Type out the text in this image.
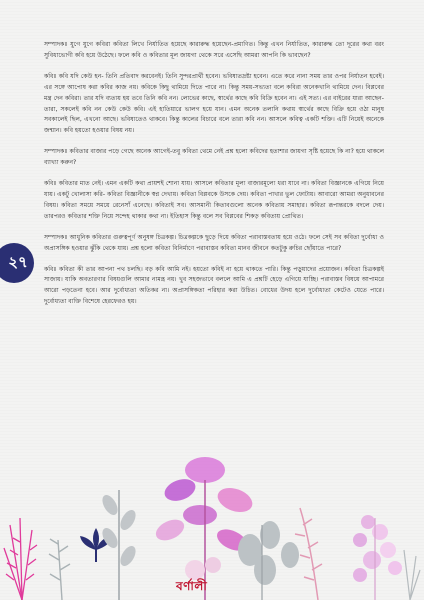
সম্পাদকঃ যুগে যুগে কবিরা কবিতা লিখে নির্যাতিত হয়েছে কারারুদ্ধ হয়েছেন-প্রমাণিত। কিন্তু এখন নির্যাতিত, কারারুদ্ধ তো দূরের কথা বরং সুবিধাভোগী কবি হয়ে উঠেছে। ফলে কবি ও কবিতার মূল জায়গা থেকে সরে এসেছি আমরা আপনি কি ভাবছেন?

কবিঃ কবি যদি কেউ হন- তিনি প্রতিবাদ করবেনই। তিনি সুন্দরপ্রার্থী হবেন। ভবিষ্যতদ্রষ্টা হবেন। এতে করে নানা সময় তার ওপর নির্যাতন হবেই। এর সঙ্গে আপোষ করা কবির কাজ নয়। কবিকে কিছু থামিয়ে দিতে পারে না। কিন্তু সময়-সভ্যতা বলে কবিরা অনেকখানি থামিয়ে দেন। বিপ্লবের মন্ত্র দেন কবিরা। তার যদি ব্যত্যয় হয় তবে তিনি কবি নন। লোভের কাছে, স্বার্থের কাছে কবি বিক্রি হবেন না। এই সত্য। এর বাইরের যারা আছেন- তারা, সকলেই কবি নন কেউ কেউ কবি। এই হাতিয়ারে ভালগ হয়ে যান। এমন অনেক তলানি কথায় স্বার্থের কাছে বিক্রি হয়ে ওঠা মানুষ সবকালেই ছিল, এখনো আছে। ভবিষ্যতেও থাকবে। কিন্তু কালের বিচারে বলে তারা কবি নন। আসলে কবিত্ব একটি শক্তি। এটি নিয়েই অনেকে জন্মান। কবি হয়তো হওয়ার বিষয় নয়।

সম্পাদকঃ কবিতার বাজার পড়ে গেছে অনেক আগেই-তবু কবিতা থেমে নেই প্রশ্ন হলো কবিদের হতাশার জায়গা সৃষ্টি হয়েছে কি না? হয়ে থাকলে ব্যাখ্যা করুন?

কবিঃ কবিতার মাত নেই। এমন একটি কথা প্রায়শই শোনা যায়। আসলে কবিতার মূল্য বাজারমূল্যে ধরা যাবে না। কবিতা বিজ্ঞানকে এগিয়ে নিয়ে যায়। একটু খোলাসা করি- কবিতা বিজ্ঞানীকে স্বপ্ন দেখায়। কবিতা বিপ্লবকে উসকে দেয়। কবিতা পাখার ভুল ফোটায়। আবারো আমরা অনুধাবনের বিষয়। কবিতা সময়ে সময়ে রেনেসাঁ এনেছে। কবিতাই সব। আসমানী কিতাবগুলো অনেক কবিতায় সমাহার। কবিতা রূপান্তরকে বদলে দেয়। তারপরও কবিতার শক্তি নিয়ে সন্দেহ থাকার কথা না। ইতিহাস কিন্তু বলে সব বিপ্লবের শিকড় কবিতায় প্রোথিত।

সম্পাদকঃ আধুনিক কবিতার গুরুত্বপূর্ণ অনুষঙ্গ চিত্রকল্প। চিত্রকল্পকে ছুড়ে দিয়ে কবিতা পরাবাস্তবতায় হয়ে ওঠে। ফলে সেই সব কবিতা দুর্বোধ্য ও অপ্রাসঙ্গিক হওয়ার ঝুঁকি থেকে যায়। প্রশ্ন হলো কবিতা বিনির্মাণে পরাবাস্তব কবিতা মানব জীবনে কতটুকু রুচির ছোঁয়াতে পারে?

কবিঃ কবিতা কী তার আপনা পথ চলছি। বড় কবি আমি নই। হয়তো কবিই না হয়ে থাকতে পারি। কিন্তু পড়ুয়াদের প্রয়োজন। কবিতা চিত্রকল্পই সাজায়। যাকি অবতারণার বিষয়গুলি আমার নামন্ত্র নয়। খুব সহজভাবে বললে আমি এ প্রশ্নটি হেড়ে এগিয়ে যাচ্ছি। পরাবাস্তব বিষয়ে আপামরে আরো পড়তেনা হবে। আর দুর্বোধ্যতা অতিকর না। অপ্রাসঙ্গিকতা পরিহার করা উচিত। বোধের উদয় হলে দুর্বোধ্যতা কেটেও যেতে পারে। দুর্বোধ্যতা ব্যক্তি বিশেষে হেরফেরও হয়।

২৭
বর্ণালী
